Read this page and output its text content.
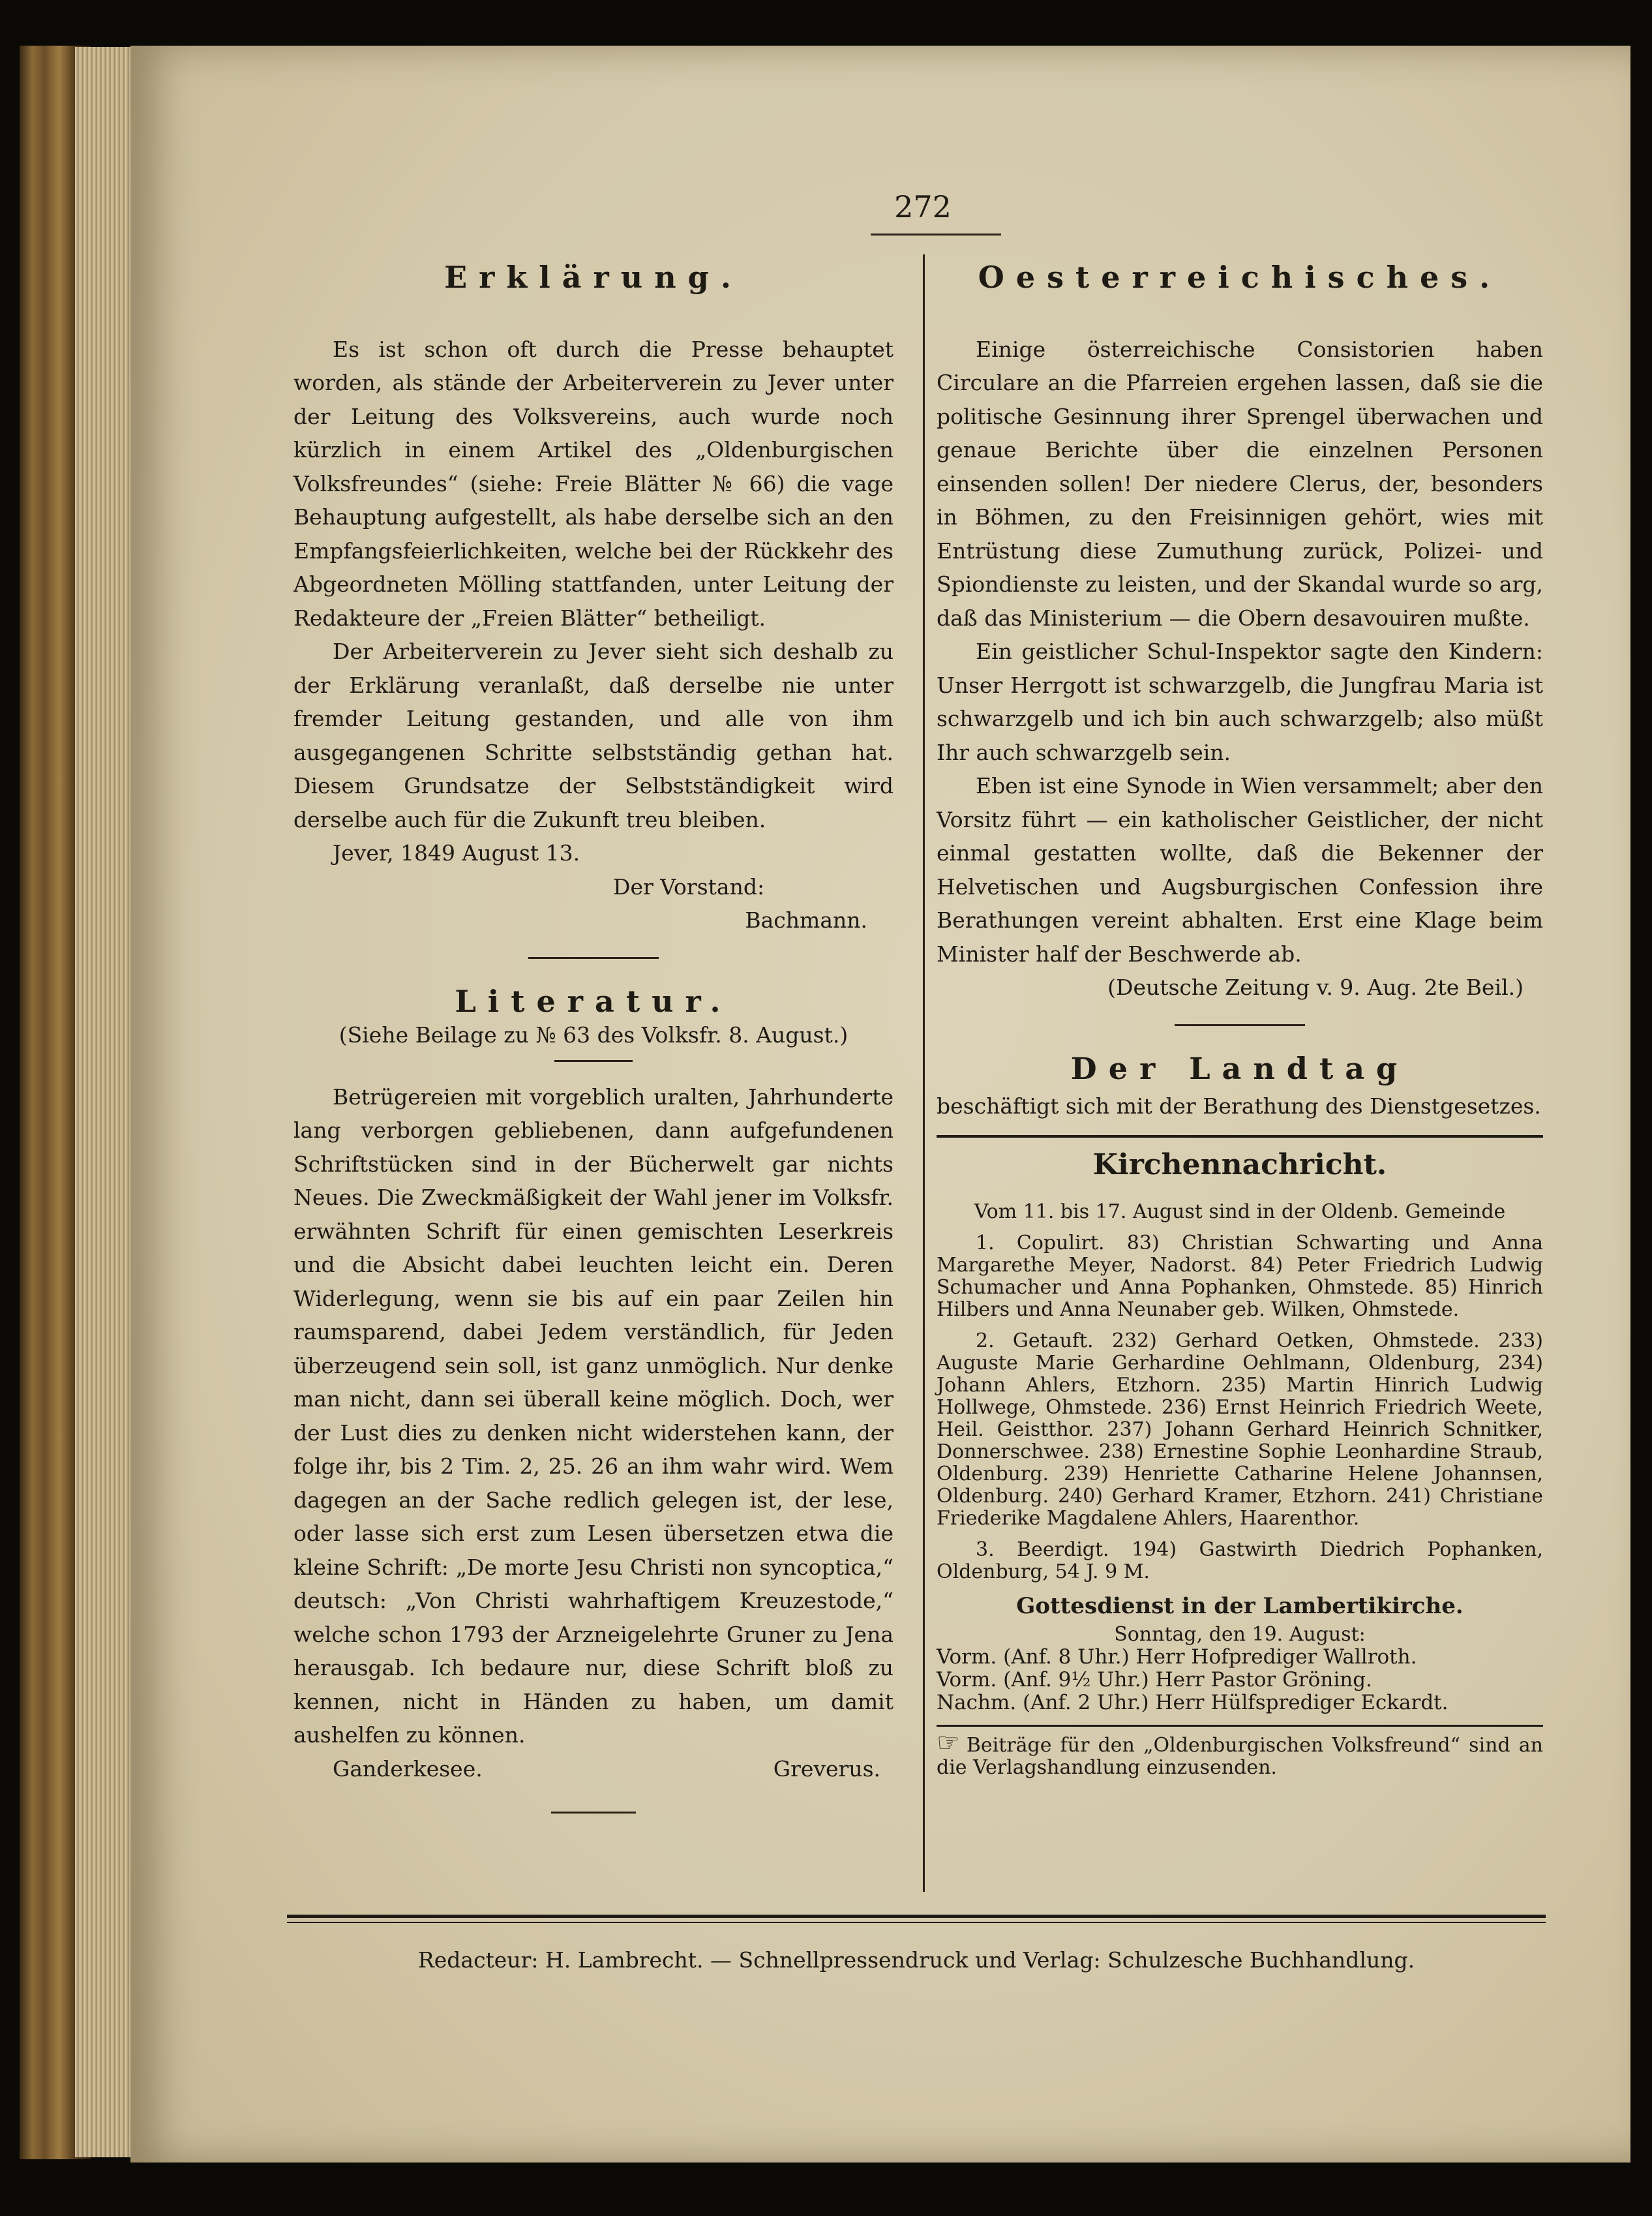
272
Erklärung.

Es ist schon oft durch die Presse behauptet worden, als stände der Arbeiterverein zu Jever unter der Leitung des Volksvereins, auch wurde noch kürzlich in einem Artikel des „Oldenburgischen Volksfreundes“ (siehe: Freie Blätter № 66) die vage Behauptung aufgestellt, als habe derselbe sich an den Empfangsfeierlichkeiten, welche bei der Rückkehr des Abgeordneten Mölling stattfanden, unter Leitung der Redakteure der „Freien Blätter“ betheiligt.

Der Arbeiterverein zu Jever sieht sich deshalb zu der Erklärung veranlaßt, daß derselbe nie unter fremder Leitung gestanden, und alle von ihm ausgegangenen Schritte selbstständig gethan hat. Diesem Grundsatze der Selbstständigkeit wird derselbe auch für die Zukunft treu bleiben.

Jever, 1849 August 13.

Der Vorstand:

Bachmann.

Literatur.

(Siehe Beilage zu № 63 des Volksfr. 8. August.)

Betrügereien mit vorgeblich uralten, Jahrhunderte lang verborgen gebliebenen, dann aufgefundenen Schriftstücken sind in der Bücherwelt gar nichts Neues. Die Zweckmäßigkeit der Wahl jener im Volksfr. erwähnten Schrift für einen gemischten Leserkreis und die Absicht dabei leuchten leicht ein. Deren Widerlegung, wenn sie bis auf ein paar Zeilen hin raumsparend, dabei Jedem verständlich, für Jeden überzeugend sein soll, ist ganz unmöglich. Nur denke man nicht, dann sei überall keine möglich. Doch, wer der Lust dies zu denken nicht widerstehen kann, der folge ihr, bis 2 Tim. 2, 25. 26 an ihm wahr wird. Wem dagegen an der Sache redlich gelegen ist, der lese, oder lasse sich erst zum Lesen übersetzen etwa die kleine Schrift: „De morte Jesu Christi non syncoptica,“ deutsch: „Von Christi wahrhaftigem Kreuzestode,“ welche schon 1793 der Arzneigelehrte Gruner zu Jena herausgab. Ich bedaure nur, diese Schrift bloß zu kennen, nicht in Händen zu haben, um damit aushelfen zu können.

Ganderkesee.	Greverus.
Oesterreichisches.

Einige österreichische Consistorien haben Circulare an die Pfarreien ergehen lassen, daß sie die politische Gesinnung ihrer Sprengel überwachen und genaue Berichte über die einzelnen Personen einsenden sollen! Der niedere Clerus, der, besonders in Böhmen, zu den Freisinnigen gehört, wies mit Entrüstung diese Zumuthung zurück, Polizei- und Spiondienste zu leisten, und der Skandal wurde so arg, daß das Ministerium — die Obern desavouiren mußte.

Ein geistlicher Schul-Inspektor sagte den Kindern: Unser Herrgott ist schwarzgelb, die Jungfrau Maria ist schwarzgelb und ich bin auch schwarzgelb; also müßt Ihr auch schwarzgelb sein.

Eben ist eine Synode in Wien versammelt; aber den Vorsitz führt — ein katholischer Geistlicher, der nicht einmal gestatten wollte, daß die Bekenner der Helvetischen und Augsburgischen Confession ihre Berathungen vereint abhalten. Erst eine Klage beim Minister half der Beschwerde ab.

(Deutsche Zeitung v. 9. Aug. 2te Beil.)

Der Landtag

beschäftigt sich mit der Berathung des Dienstgesetzes.

Kirchennachricht.

Vom 11. bis 17. August sind in der Oldenb. Gemeinde

1. Copulirt. 83) Christian Schwarting und Anna Margarethe Meyer, Nadorst. 84) Peter Friedrich Ludwig Schumacher und Anna Pophanken, Ohmstede. 85) Hinrich Hilbers und Anna Neunaber geb. Wilken, Ohmstede.

2. Getauft. 232) Gerhard Oetken, Ohmstede. 233) Auguste Marie Gerhardine Oehlmann, Oldenburg, 234) Johann Ahlers, Etzhorn. 235) Martin Hinrich Ludwig Hollwege, Ohmstede. 236) Ernst Heinrich Friedrich Weete, Heil. Geistthor. 237) Johann Gerhard Heinrich Schnitker, Donnerschwee. 238) Ernestine Sophie Leonhardine Straub, Oldenburg. 239) Henriette Catharine Helene Johannsen, Oldenburg. 240) Gerhard Kramer, Etzhorn. 241) Christiane Friederike Magdalene Ahlers, Haarenthor.

3. Beerdigt. 194) Gastwirth Diedrich Pophanken, Oldenburg, 54 J. 9 M.

Gottesdienst in der Lambertikirche.

Sonntag, den 19. August:

Vorm. (Anf. 8 Uhr.) Herr Hofprediger Wallroth.
Vorm. (Anf. 9½ Uhr.) Herr Pastor Gröning.
Nachm. (Anf. 2 Uhr.) Herr Hülfsprediger Eckardt.

☞ Beiträge für den „Oldenburgischen Volksfreund“ sind an die Verlagshandlung einzusenden.

Redacteur: H. Lambrecht. — Schnellpressendruck und Verlag: Schulzesche Buchhandlung.
